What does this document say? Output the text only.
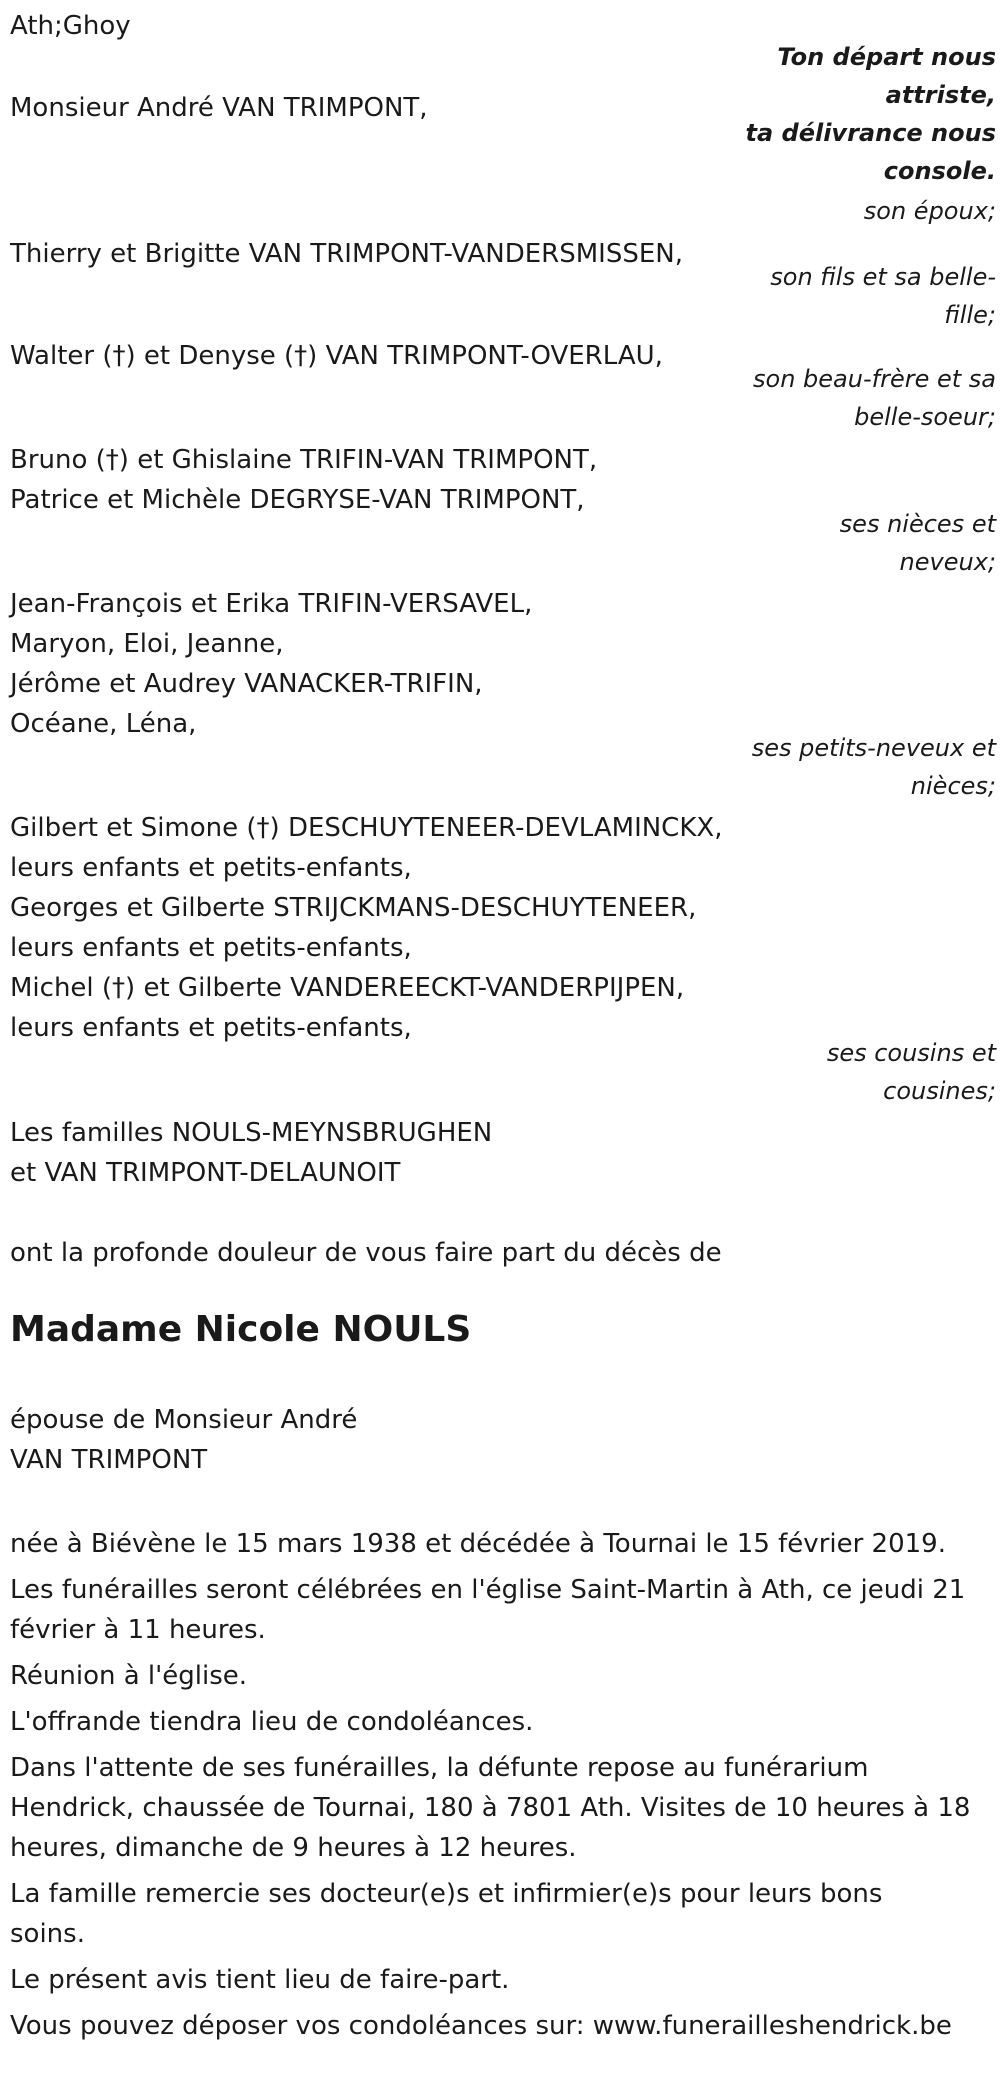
Ath;Ghoy
Ton départ nous
attriste,
ta délivrance nous
console.
Monsieur André VAN TRIMPONT,
son époux;
Thierry et Brigitte VAN TRIMPONT-VANDERSMISSEN,
son fils et sa belle-
fille;
Walter (†) et Denyse (†) VAN TRIMPONT-OVERLAU,
son beau-frère et sa
belle-soeur;
Bruno (†) et Ghislaine TRIFIN-VAN TRIMPONT,
Patrice et Michèle DEGRYSE-VAN TRIMPONT,
ses nièces et
neveux;
Jean-François et Erika TRIFIN-VERSAVEL,
Maryon, Eloi, Jeanne,
Jérôme et Audrey VANACKER-TRIFIN,
Océane, Léna,
ses petits-neveux et
nièces;
Gilbert et Simone (†) DESCHUYTENEER-DEVLAMINCKX,
leurs enfants et petits-enfants,
Georges et Gilberte STRIJCKMANS-DESCHUYTENEER,
leurs enfants et petits-enfants,
Michel (†) et Gilberte VANDEREECKT-VANDERPIJPEN,
leurs enfants et petits-enfants,
ses cousins et
cousines;
Les familles NOULS-MEYNSBRUGHEN
et VAN TRIMPONT-DELAUNOIT
ont la profonde douleur de vous faire part du décès de
Madame Nicole NOULS
épouse de Monsieur André
VAN TRIMPONT
née à Biévène le 15 mars 1938 et décédée à Tournai le 15 février 2019.
Les funérailles seront célébrées en l'église Saint-Martin à Ath, ce jeudi 21
février à 11 heures.
Réunion à l'église.
L'offrande tiendra lieu de condoléances.
Dans l'attente de ses funérailles, la défunte repose au funérarium
Hendrick, chaussée de Tournai, 180 à 7801 Ath. Visites de 10 heures à 18
heures, dimanche de 9 heures à 12 heures.
La famille remercie ses docteur(e)s et infirmier(e)s pour leurs bons
soins.
Le présent avis tient lieu de faire-part.
Vous pouvez déposer vos condoléances sur: www.funerailleshendrick.be
